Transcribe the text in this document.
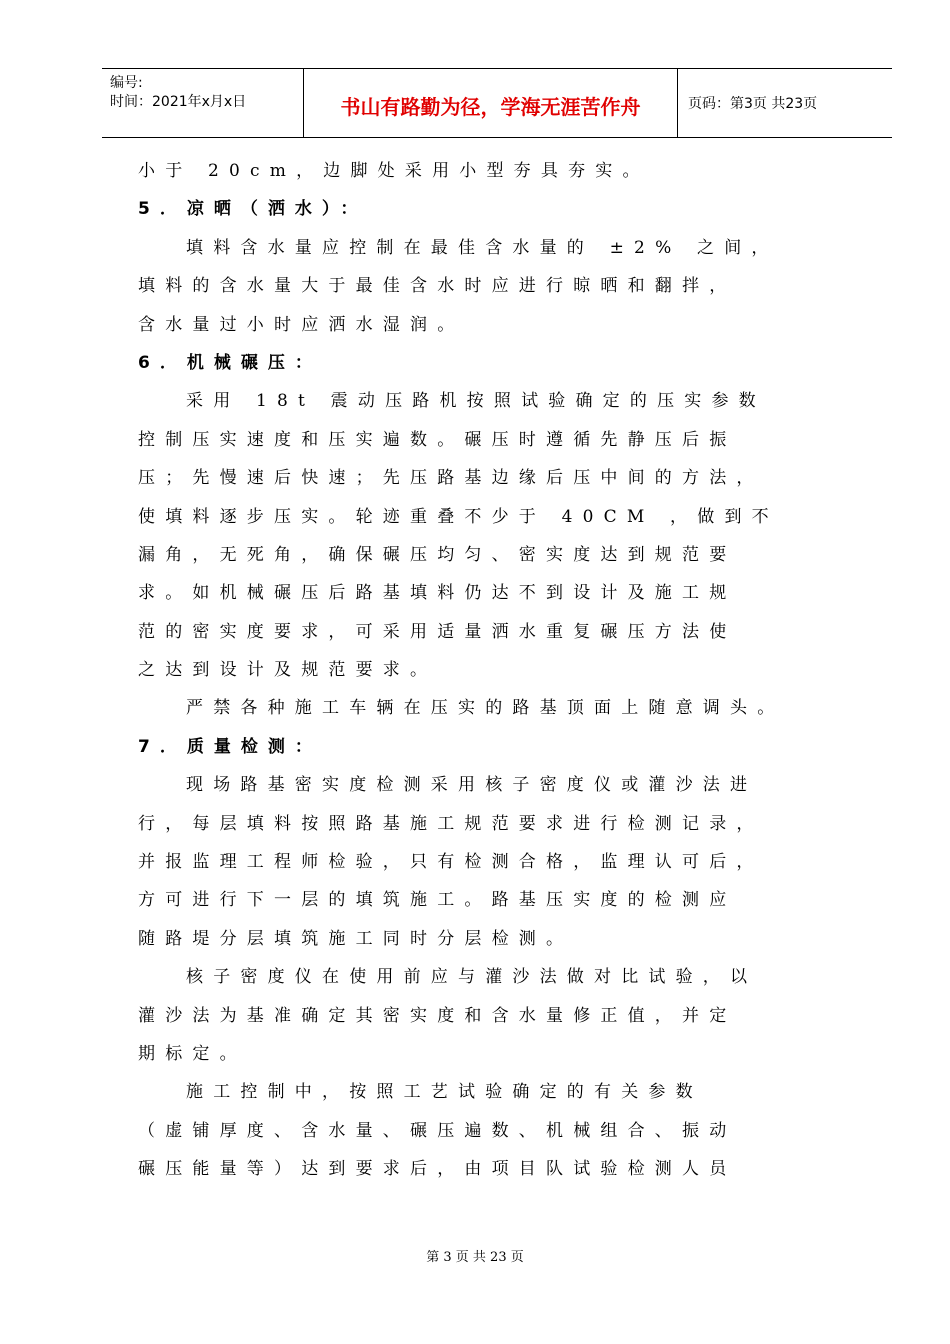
编号:
时间：2021年x月x日	书山有路勤为径，学海无涯苦作舟	页码：第3页 共23页
小于 20cm，边脚处采用小型夯具夯实。
5．凉晒（洒水）：
填料含水量应控制在最佳含水量的 ±2% 之间，
填料的含水量大于最佳含水时应进行晾晒和翻拌，
含水量过小时应洒水湿润。
6．机械碾压：
采用 18t 震动压路机按照试验确定的压实参数
控制压实速度和压实遍数。碾压时遵循先静压后振
压；先慢速后快速；先压路基边缘后压中间的方法，
使填料逐步压实。轮迹重叠不少于 40CM ，做到不
漏角，无死角，确保碾压均匀、密实度达到规范要
求。如机械碾压后路基填料仍达不到设计及施工规
范的密实度要求，可采用适量洒水重复碾压方法使
之达到设计及规范要求。
严禁各种施工车辆在压实的路基顶面上随意调头。
7．质量检测：
现场路基密实度检测采用核子密度仪或灌沙法进
行，每层填料按照路基施工规范要求进行检测记录，
并报监理工程师检验，只有检测合格，监理认可后，
方可进行下一层的填筑施工。路基压实度的检测应
随路堤分层填筑施工同时分层检测。
核子密度仪在使用前应与灌沙法做对比试验，以
灌沙法为基准确定其密实度和含水量修正值，并定
期标定。
施工控制中，按照工艺试验确定的有关参数
（虚铺厚度、含水量、碾压遍数、机械组合、振动
碾压能量等）达到要求后，由项目队试验检测人员
第 3 页 共 23 页
